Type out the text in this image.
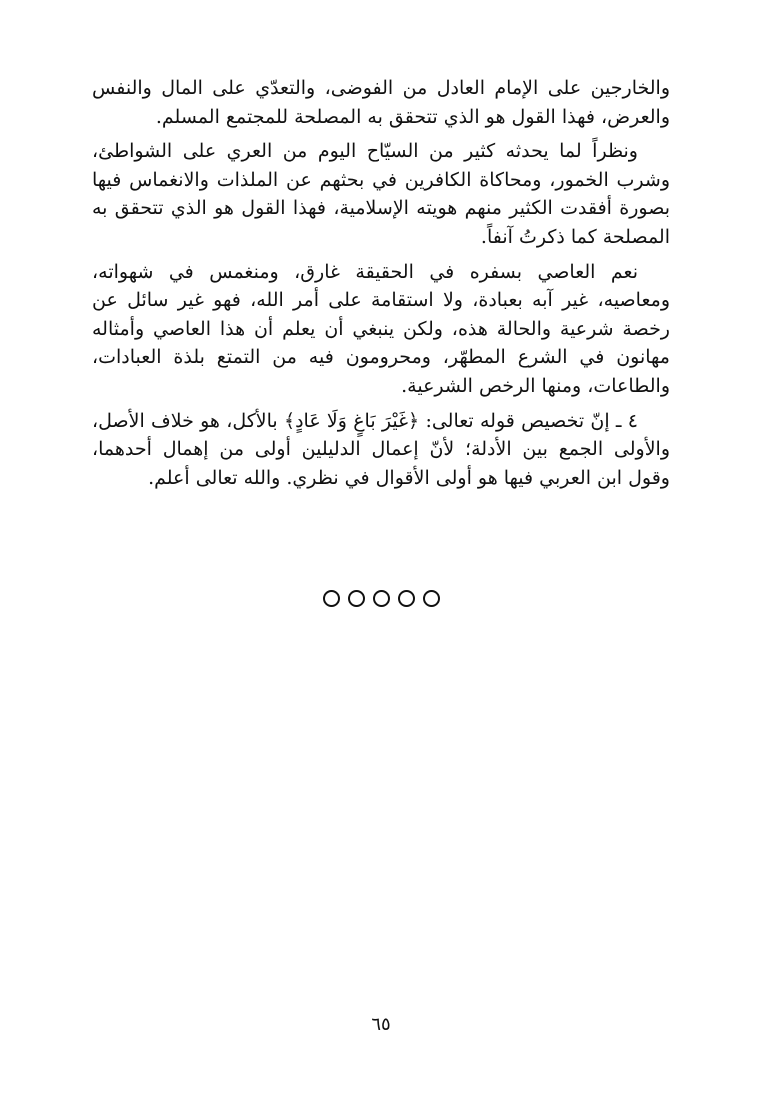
والخارجين على الإمام العادل من الفوضى، والتعدّي على المال والنفس والعرض، فهذا القول هو الذي تتحقق به المصلحة للمجتمع المسلم.

ونظراً لما يحدثه كثير من السيّاح اليوم من العري على الشواطئ، وشرب الخمور، ومحاكاة الكافرين في بحثهم عن الملذات والانغماس فيها بصورة أفقدت الكثير منهم هويته الإسلامية، فهذا القول هو الذي تتحقق به المصلحة كما ذكرتُ آنفاً.

نعم العاصي بسفره في الحقيقة غارق، ومنغمس في شهواته، ومعاصيه، غير آبه بعبادة، ولا استقامة على أمر الله، فهو غير سائل عن رخصة شرعية والحالة هذه، ولكن ينبغي أن يعلم أن هذا العاصي وأمثاله مهانون في الشرع المطهّر، ومحرومون فيه من التمتع بلذة العبادات، والطاعات، ومنها الرخص الشرعية.

٤ ـ إنّ تخصيص قوله تعالى: ﴿غَيْرَ بَاغٍ وَلَا عَادٍ﴾ بالأكل، هو خلاف الأصل، والأولى الجمع بين الأدلة؛ لأنّ إعمال الدليلين أولى من إهمال أحدهما، وقول ابن العربي فيها هو أولى الأقوال في نظري. والله تعالى أعلم.

٦٥
